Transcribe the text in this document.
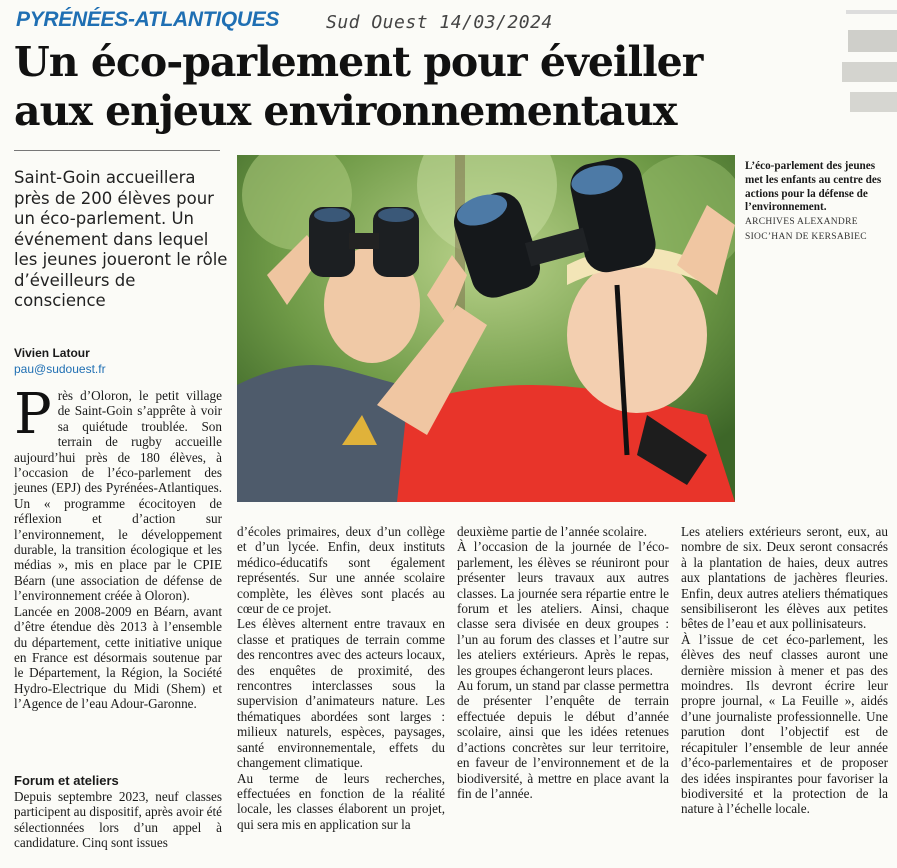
PYRÉNÉES-ATLANTIQUES	Sud Ouest 14/03/2024
Un éco-parlement pour éveiller
aux enjeux environnementaux
Saint-Goin accueillera près de 200 élèves pour un éco-parlement. Un événement dans lequel les jeunes joueront le rôle d’éveilleurs de conscience
Vivien Latour
pau@sudouest.fr
L’éco-parlement des jeunes met les enfants au centre des actions pour la défense de l’environnement.
ARCHIVES ALEXANDRE
SIOC’HAN DE KERSABIEC
P rès d’Oloron, le petit village de Saint-Goin s’apprête à voir sa quiétude troublée. Son terrain de rugby accueille aujourd’hui près de 180 élèves, à l’occasion de l’éco-parlement des jeunes (EPJ) des Pyrénées-Atlantiques. Un « programme écocitoyen de réflexion et d’action sur l’environnement, le développement durable, la transition écologique et les médias », mis en place par le CPIE Béarn (une association de défense de l’environnement créée à Oloron).

Lancée en 2008-2009 en Béarn, avant d’être étendue dès 2013 à l’ensemble du département, cette initiative unique en France est désormais soutenue par le Département, la Région, la Société Hydro-Electrique du Midi (Shem) et l’Agence de l’eau Adour-Garonne.

Forum et ateliers

Depuis septembre 2023, neuf classes participent au dispositif, après avoir été sélectionnées lors d’un appel à candidature. Cinq sont issues

d’écoles primaires, deux d’un collège et d’un lycée. Enfin, deux instituts médico-éducatifs sont également représentés. Sur une année scolaire complète, les élèves sont placés au cœur de ce projet.

Les élèves alternent entre travaux en classe et pratiques de terrain comme des rencontres avec des acteurs locaux, des enquêtes de proximité, des rencontres interclasses sous la supervision d’animateurs nature. Les thématiques abordées sont larges : milieux naturels, espèces, paysages, santé environnementale, effets du changement climatique.

Au terme de leurs recherches, effectuées en fonction de la réalité locale, les classes élaborent un projet, qui sera mis en application sur la

deuxième partie de l’année scolaire.

À l’occasion de la journée de l’éco-parlement, les élèves se réuniront pour présenter leurs travaux aux autres classes. La journée sera répartie entre le forum et les ateliers. Ainsi, chaque classe sera divisée en deux groupes : l’un au forum des classes et l’autre sur les ateliers extérieurs. Après le repas, les groupes échangeront leurs places.

Au forum, un stand par classe permettra de présenter l’enquête de terrain effectuée depuis le début d’année scolaire, ainsi que les idées retenues d’actions concrètes sur leur territoire, en faveur de l’environnement et de la biodiversité, à mettre en place avant la fin de l’année.

Les ateliers extérieurs seront, eux, au nombre de six. Deux seront consacrés à la plantation de haies, deux autres aux plantations de jachères fleuries. Enfin, deux autres ateliers thématiques sensibiliseront les élèves aux petites bêtes de l’eau et aux pollinisateurs.

À l’issue de cet éco-parlement, les élèves des neuf classes auront une dernière mission à mener et pas des moindres. Ils devront écrire leur propre journal, « La Feuille », aidés d’une journaliste professionnelle. Une parution dont l’objectif est de récapituler l’ensemble de leur année d’éco-parlementaires et de proposer des idées inspirantes pour favoriser la biodiversité et la protection de la nature à l’échelle locale.
